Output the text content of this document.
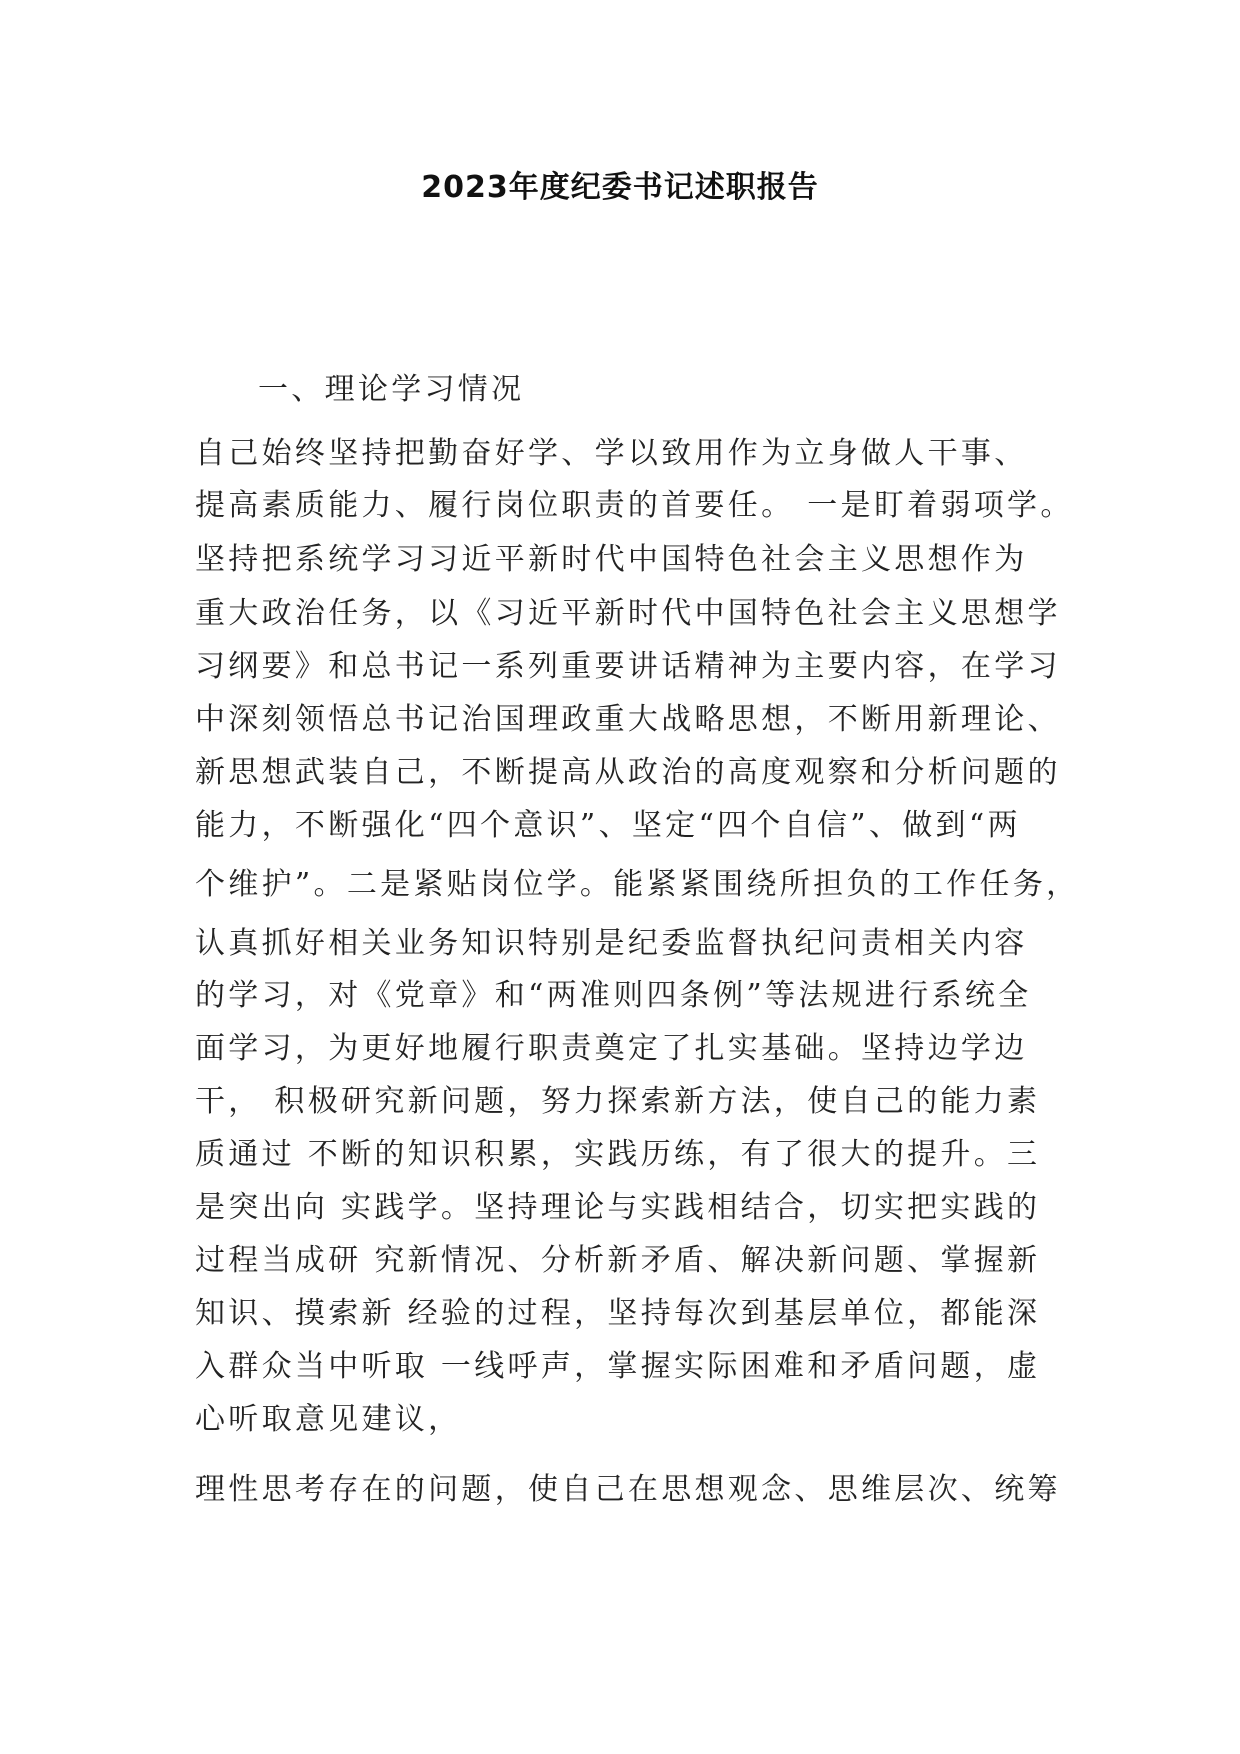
2023年度纪委书记述职报告
一、理论学习情况
自己始终坚持把勤奋好学、学以致用作为立身做人干事、
提高素质能力、履行岗位职责的首要任。 一是盯着弱项学。
坚持把系统学习习近平新时代中国特色社会主义思想作为
重大政治任务，以《习近平新时代中国特色社会主义思想学
习纲要》和总书记一系列重要讲话精神为主要内容，在学习
中深刻领悟总书记治国理政重大战略思想，不断用新理论、
新思想武装自己，不断提高从政治的高度观察和分析问题的
能力，不断强化“四个意识”、坚定“四个自信”、做到“两
个维护”。二是紧贴岗位学。能紧紧围绕所担负的工作任务，
认真抓好相关业务知识特别是纪委监督执纪问责相关内容
的学习，对《党章》和“两准则四条例”等法规进行系统全
面学习，为更好地履行职责奠定了扎实基础。坚持边学边
干， 积极研究新问题，努力探索新方法，使自己的能力素
质通过 不断的知识积累，实践历练，有了很大的提升。三
是突出向 实践学。坚持理论与实践相结合，切实把实践的
过程当成研 究新情况、分析新矛盾、解决新问题、掌握新
知识、摸索新 经验的过程，坚持每次到基层单位，都能深
入群众当中听取 一线呼声，掌握实际困难和矛盾问题，虚
心听取意见建议，
理性思考存在的问题，使自己在思想观念、思维层次、统筹
